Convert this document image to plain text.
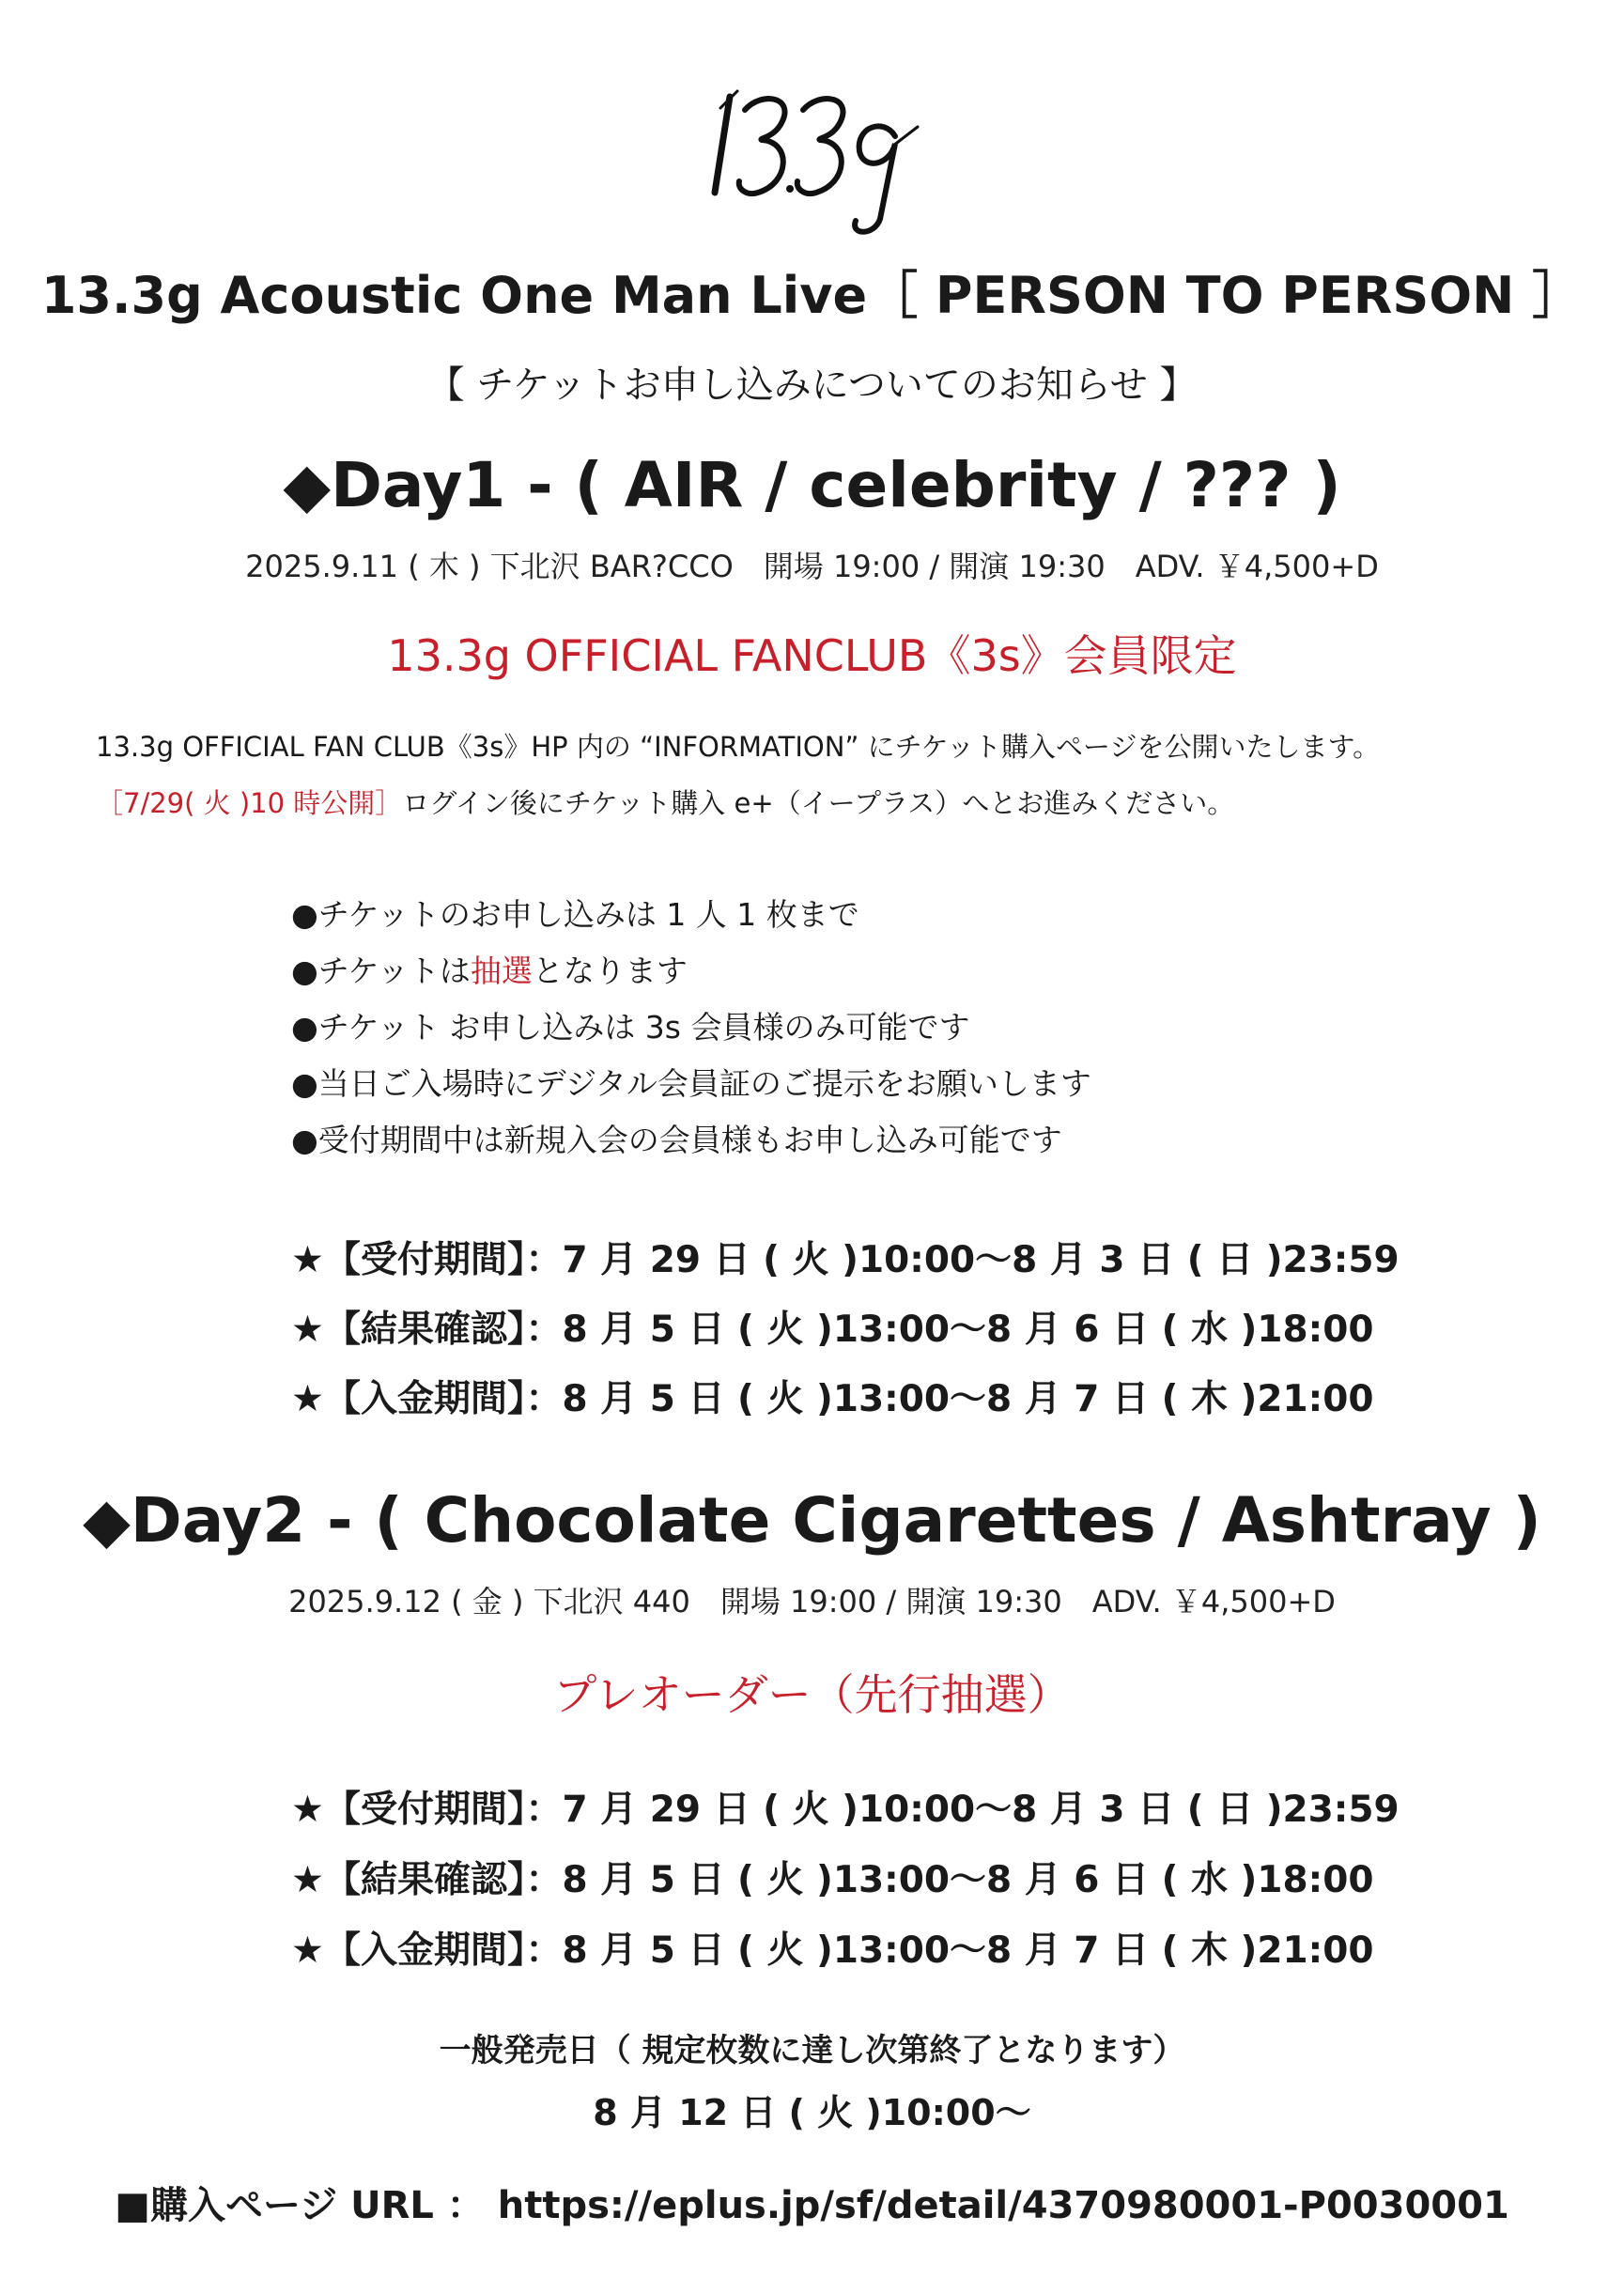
13.3g Acoustic One Man Live［ PERSON TO PERSON ］
【 チケットお申し込みについてのお知らせ 】
◆Day1 - ( AIR / celebrity / ??? )
2025.9.11 ( 木 ) 下北沢 BAR?CCO　開場 19:00 / 開演 19:30　ADV. ￥4,500+D
13.3g OFFICIAL FANCLUB《3s》会員限定
13.3g OFFICIAL FAN CLUB《3s》HP 内の “INFORMATION” にチケット購入ページを公開いたします。
［7/29( 火 )10 時公開］ログイン後にチケット購入 e+（イープラス）へとお進みください。
●チケットのお申し込みは 1 人 1 枚まで
●チケットは抽選となります
●チケット お申し込みは 3s 会員様のみ可能です
●当日ご入場時にデジタル会員証のご提示をお願いします
●受付期間中は新規入会の会員様もお申し込み可能です
★【受付期間】：7 月 29 日 ( 火 )10:00〜8 月 3 日 ( 日 )23:59
★【結果確認】：8 月 5 日 ( 火 )13:00〜8 月 6 日 ( 水 )18:00
★【入金期間】：8 月 5 日 ( 火 )13:00〜8 月 7 日 ( 木 )21:00
◆Day2 - ( Chocolate Cigarettes / Ashtray )
2025.9.12 ( 金 ) 下北沢 440　開場 19:00 / 開演 19:30　ADV. ￥4,500+D
プレオーダー（先行抽選）
★【受付期間】：7 月 29 日 ( 火 )10:00〜8 月 3 日 ( 日 )23:59
★【結果確認】：8 月 5 日 ( 火 )13:00〜8 月 6 日 ( 水 )18:00
★【入金期間】：8 月 5 日 ( 火 )13:00〜8 月 7 日 ( 木 )21:00
一般発売日（ 規定枚数に達し次第終了となります）
8 月 12 日 ( 火 )10:00〜
■購入ページ URL ： https://eplus.jp/sf/detail/4370980001-P0030001
